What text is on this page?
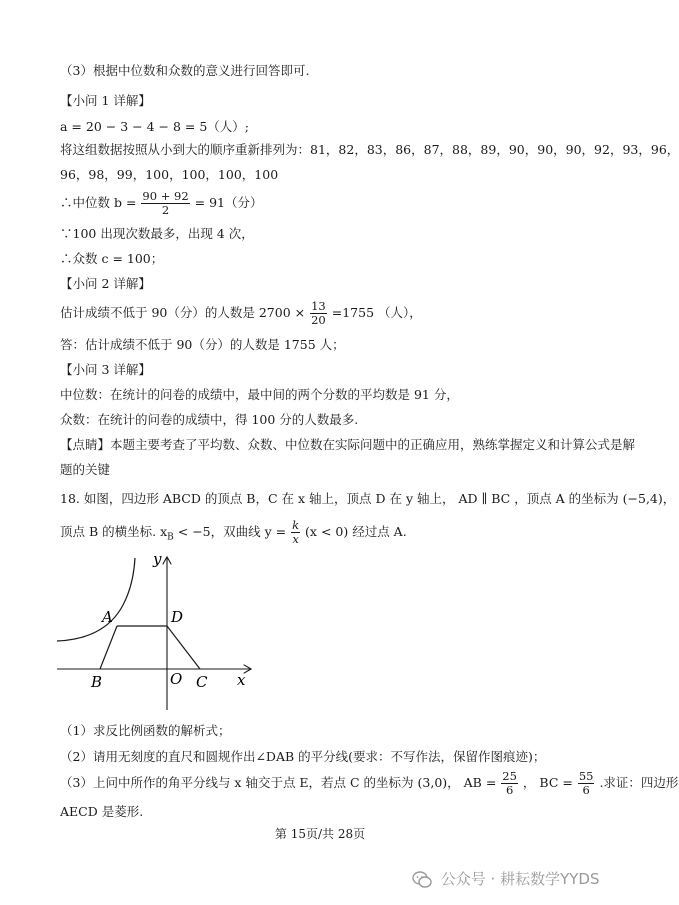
（3）根据中位数和众数的意义进行回答即可.
【小问 1 详解】
a = 20 − 3 − 4 − 8 = 5（人）;
将这组数据按照从小到大的顺序重新排列为：81，82，83，86，87，88，89，90，90，90，92，93，96，
96，98，99，100，100，100，100
∴中位数 $b = \frac{90 + 92}{2} = 91$（分）
∵100 出现次数最多，出现 4 次，
∴众数 c = 100；
【小问 2 详解】
估计成绩不低于 90（分）的人数是 $2700 \times \frac{13}{20} =1755$ （人），
答：估计成绩不低于 90（分）的人数是 1755 人；
【小问 3 详解】
中位数：在统计的问卷的成绩中，最中间的两个分数的平均数是 91 分，
众数：在统计的问卷的成绩中，得 100 分的人数最多.
【点睛】本题主要考查了平均数、众数、中位数在实际问题中的正确应用，熟练掌握定义和计算公式是解
题的关键
18. 如图，四边形 ABCD 的顶点 B，C 在 x 轴上，顶点 D 在 y 轴上， AD ∥ BC ，顶点 A 的坐标为 (−5,4)，
顶点 B 的横坐标. $x_B < -5$，双曲线 $y = \frac{k}{x} (x < 0)$ 经过点 A.
y
x
A	D
B	O C
（1）求反比例函数的解析式；
（2）请用无刻度的直尺和圆规作出∠DAB 的平分线(要求：不写作法，保留作图痕迹)；
（3）上问中所作的角平分线与 x 轴交于点 E，若点 C 的坐标为 (3,0)， AB = $\frac{25}{6}$ ， BC = $\frac{55}{6}$ .求证：四边形
AECD 是菱形.
第 15页/共 28页
公众号 · 耕耘数学YYDS
